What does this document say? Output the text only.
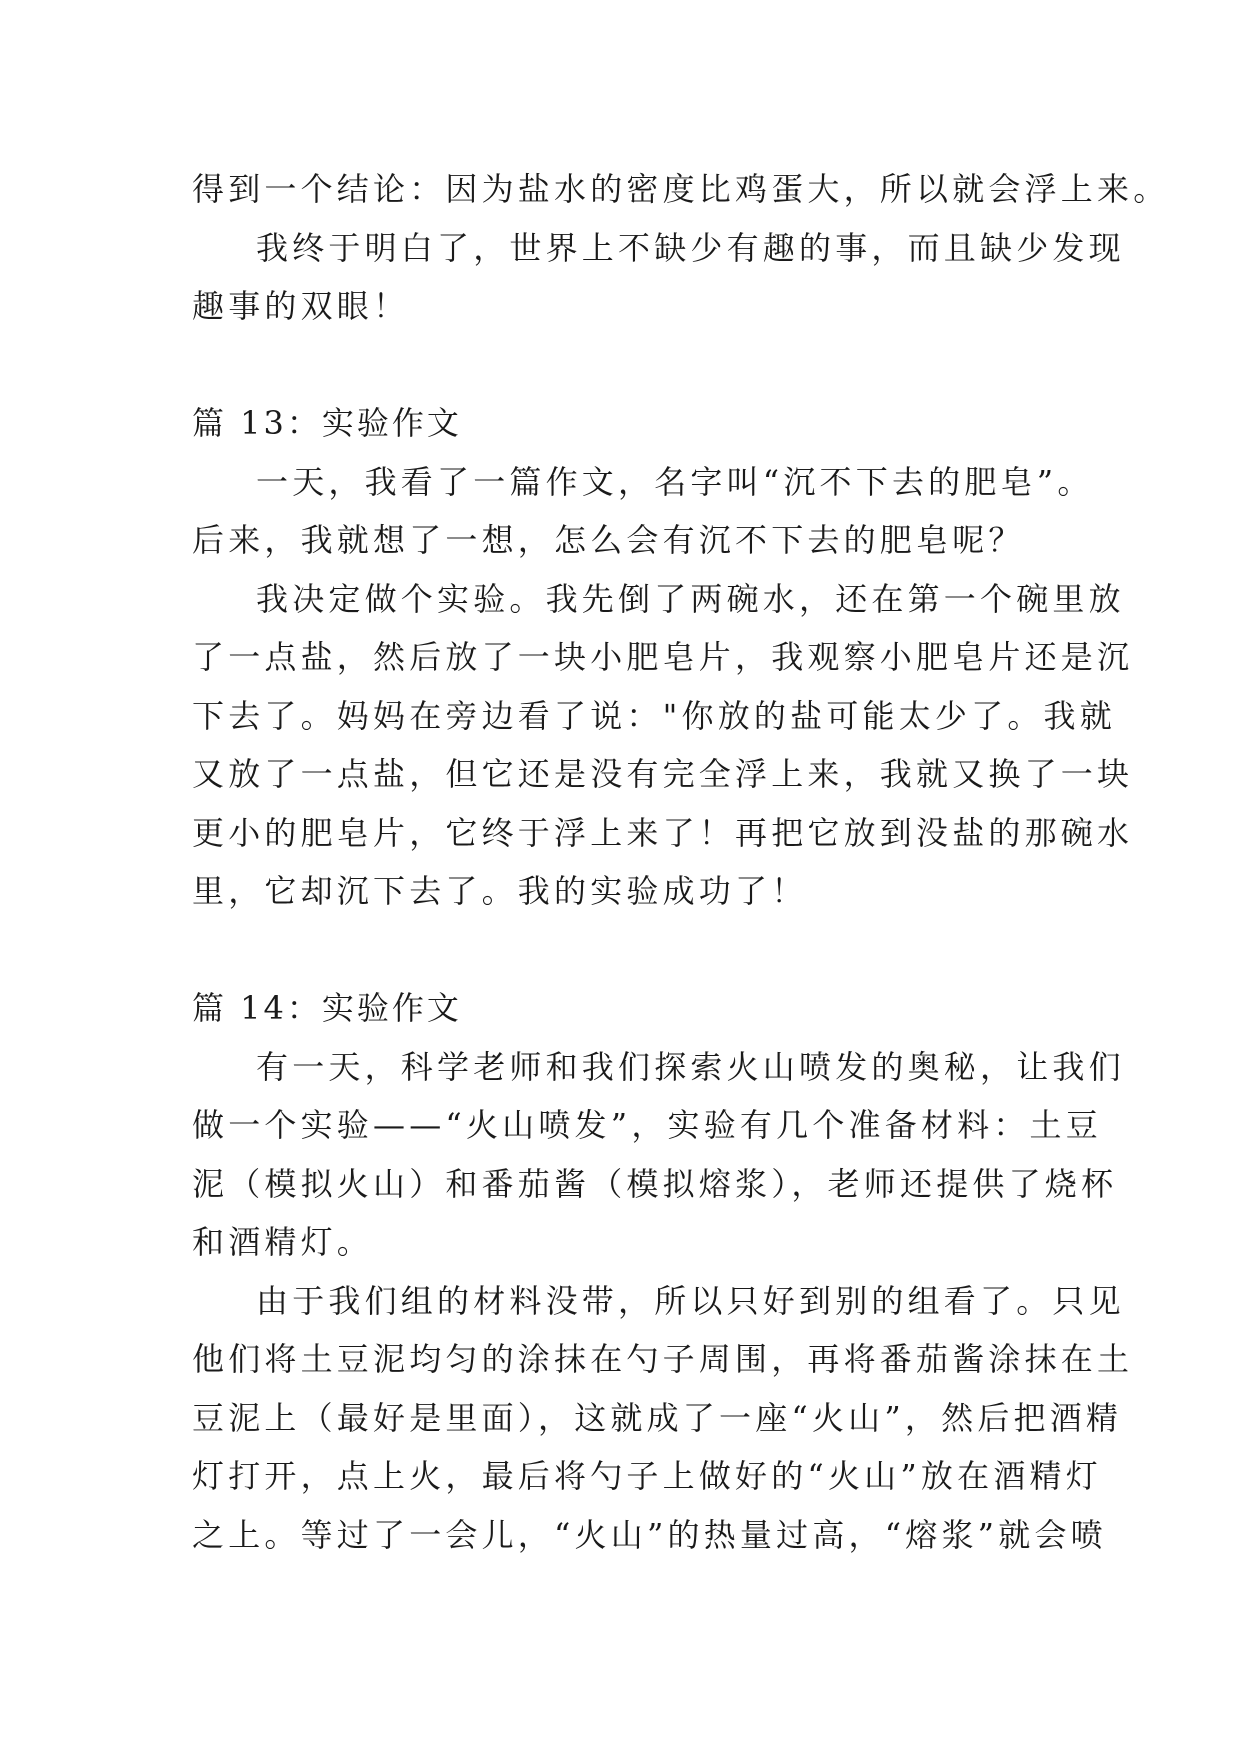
得到一个结论：因为盐水的密度比鸡蛋大，所以就会浮上来。
我终于明白了，世界上不缺少有趣的事，而且缺少发现
趣事的双眼！
篇 13：实验作文
一天，我看了一篇作文，名字叫“沉不下去的肥皂”。
后来，我就想了一想，怎么会有沉不下去的肥皂呢？
我决定做个实验。我先倒了两碗水，还在第一个碗里放
了一点盐，然后放了一块小肥皂片，我观察小肥皂片还是沉
下去了。妈妈在旁边看了说："你放的盐可能太少了。我就
又放了一点盐，但它还是没有完全浮上来，我就又换了一块
更小的肥皂片，它终于浮上来了！再把它放到没盐的那碗水
里，它却沉下去了。我的实验成功了！
篇 14：实验作文
有一天，科学老师和我们探索火山喷发的奥秘，让我们
做一个实验——“火山喷发”，实验有几个准备材料：土豆
泥（模拟火山）和番茄酱（模拟熔浆），老师还提供了烧杯
和酒精灯。
由于我们组的材料没带，所以只好到别的组看了。只见
他们将土豆泥均匀的涂抹在勺子周围，再将番茄酱涂抹在土
豆泥上（最好是里面），这就成了一座“火山”，然后把酒精
灯打开，点上火，最后将勺子上做好的“火山”放在酒精灯
之上。等过了一会儿，“火山”的热量过高，“熔浆”就会喷
